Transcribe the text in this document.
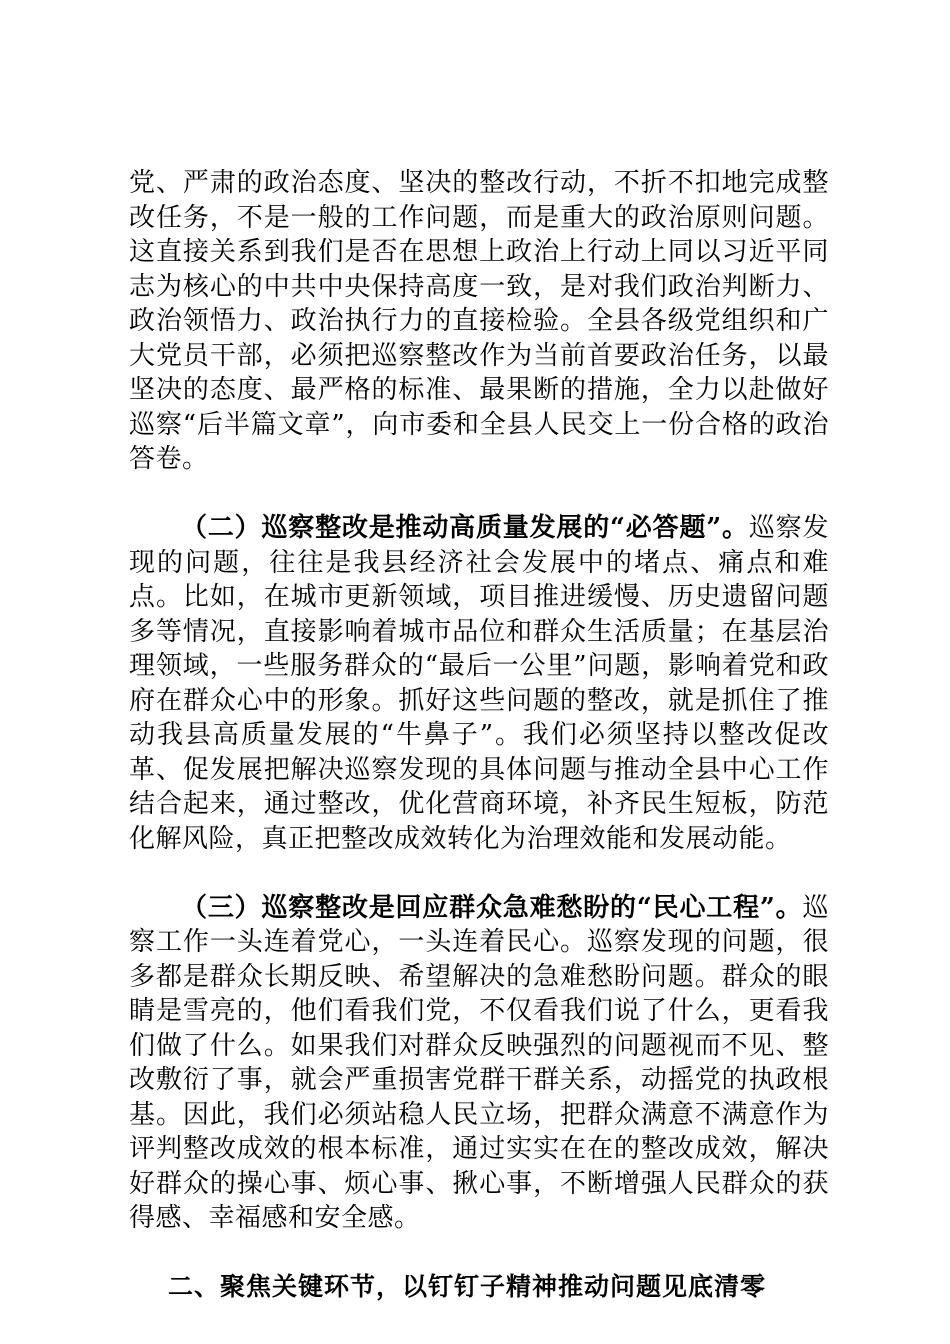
党、严肃的政治态度、坚决的整改行动，不折不扣地完成整改任务，不是一般的工作问题，而是重大的政治原则问题。这直接关系到我们是否在思想上政治上行动上同以习近平同志为核心的中共中央保持高度一致，是对我们政治判断力、政治领悟力、政治执行力的直接检验。全县各级党组织和广大党员干部，必须把巡察整改作为当前首要政治任务，以最坚决的态度、最严格的标准、最果断的措施，全力以赴做好巡察“后半篇文章”，向市委和全县人民交上一份合格的政治答卷。

（二）巡察整改是推动高质量发展的“必答题”。巡察发现的问题，往往是我县经济社会发展中的堵点、痛点和难点。比如，在城市更新领域，项目推进缓慢、历史遗留问题多等情况，直接影响着城市品位和群众生活质量；在基层治理领域，一些服务群众的“最后一公里”问题，影响着党和政府在群众心中的形象。抓好这些问题的整改，就是抓住了推动我县高质量发展的“牛鼻子”。我们必须坚持以整改促改革、促发展把解决巡察发现的具体问题与推动全县中心工作结合起来，通过整改，优化营商环境，补齐民生短板，防范化解风险，真正把整改成效转化为治理效能和发展动能。

（三）巡察整改是回应群众急难愁盼的“民心工程”。巡察工作一头连着党心，一头连着民心。巡察发现的问题，很多都是群众长期反映、希望解决的急难愁盼问题。群众的眼睛是雪亮的，他们看我们党，不仅看我们说了什么，更看我们做了什么。如果我们对群众反映强烈的问题视而不见、整改敷衍了事，就会严重损害党群干群关系，动摇党的执政根基。因此，我们必须站稳人民立场，把群众满意不满意作为评判整改成效的根本标准，通过实实在在的整改成效，解决好群众的操心事、烦心事、揪心事，不断增强人民群众的获得感、幸福感和安全感。

二、聚焦关键环节，以钉钉子精神推动问题见底清零
